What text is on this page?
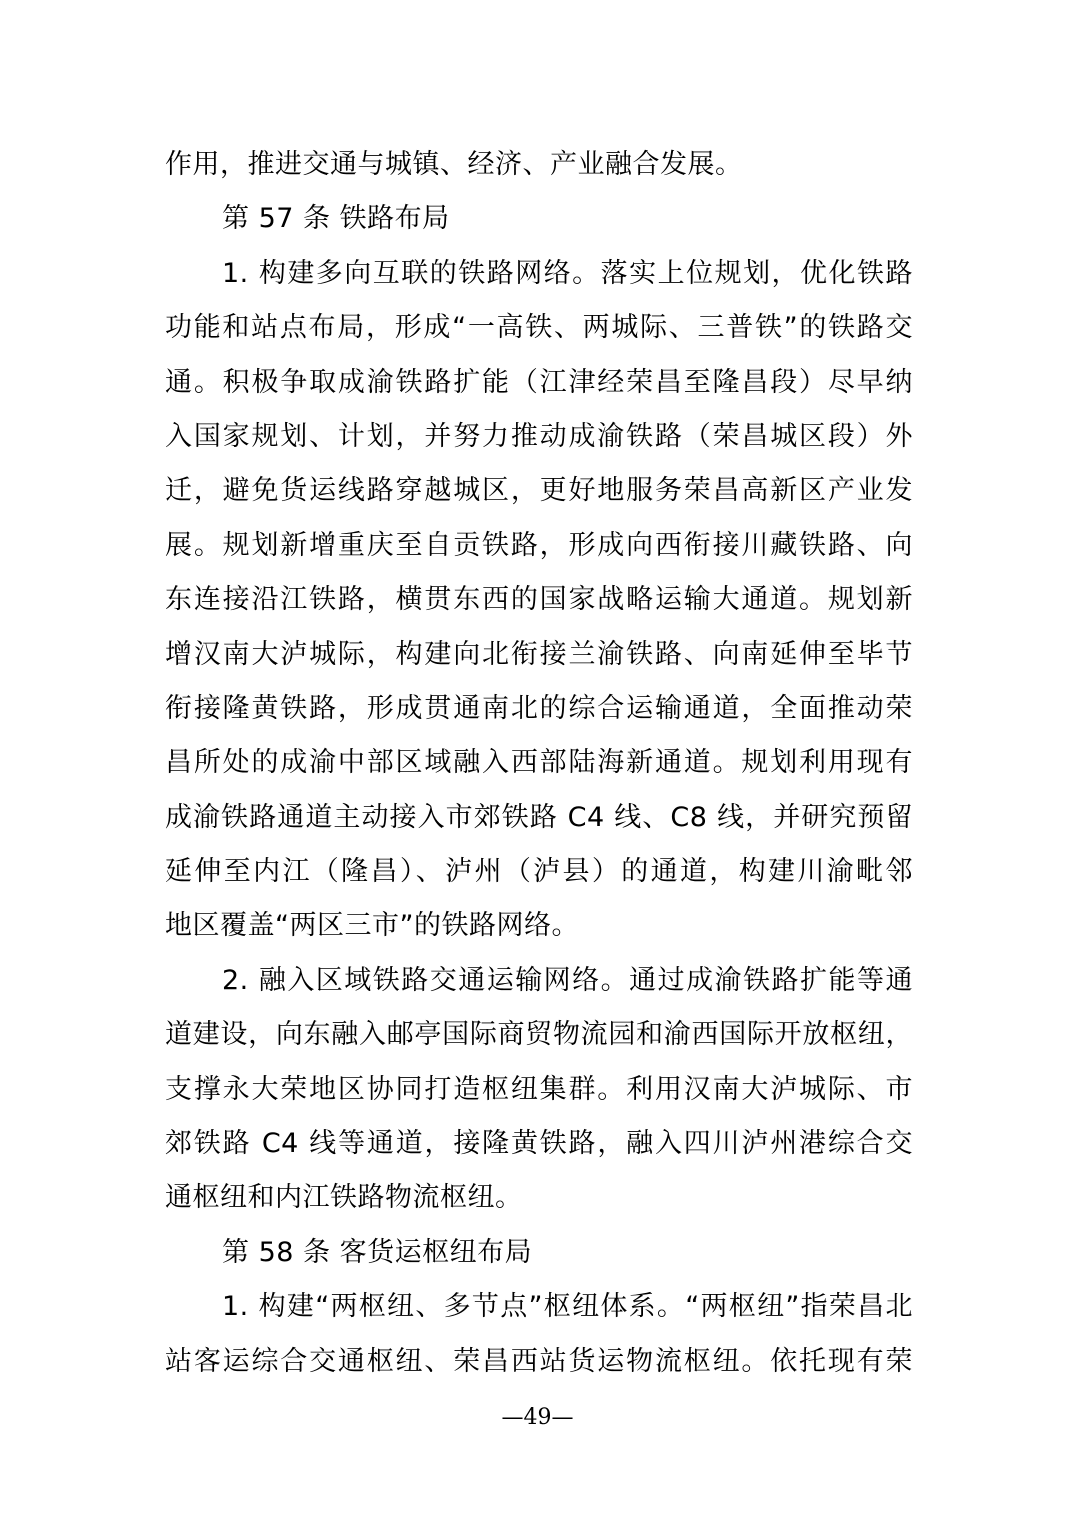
作用，推进交通与城镇、经济、产业融合发展。
第 57 条 铁路布局
1. 构建多向互联的铁路网络。落实上位规划，优化铁路
功能和站点布局，形成“一高铁、两城际、三普铁”的铁路交
通。积极争取成渝铁路扩能（江津经荣昌至隆昌段）尽早纳
入国家规划、计划，并努力推动成渝铁路（荣昌城区段）外
迁，避免货运线路穿越城区，更好地服务荣昌高新区产业发
展。规划新增重庆至自贡铁路，形成向西衔接川藏铁路、向
东连接沿江铁路，横贯东西的国家战略运输大通道。规划新
增汉南大泸城际，构建向北衔接兰渝铁路、向南延伸至毕节
衔接隆黄铁路，形成贯通南北的综合运输通道，全面推动荣
昌所处的成渝中部区域融入西部陆海新通道。规划利用现有
成渝铁路通道主动接入市郊铁路 C4 线、C8 线，并研究预留
延伸至内江（隆昌）、泸州（泸县）的通道，构建川渝毗邻
地区覆盖“两区三市”的铁路网络。
2. 融入区域铁路交通运输网络。通过成渝铁路扩能等通
道建设，向东融入邮亭国际商贸物流园和渝西国际开放枢纽，
支撑永大荣地区协同打造枢纽集群。利用汉南大泸城际、市
郊铁路 C4 线等通道，接隆黄铁路，融入四川泸州港综合交
通枢纽和内江铁路物流枢纽。
第 58 条 客货运枢纽布局
1. 构建“两枢纽、多节点”枢纽体系。“两枢纽”指荣昌北
站客运综合交通枢纽、荣昌西站货运物流枢纽。依托现有荣
—49—
